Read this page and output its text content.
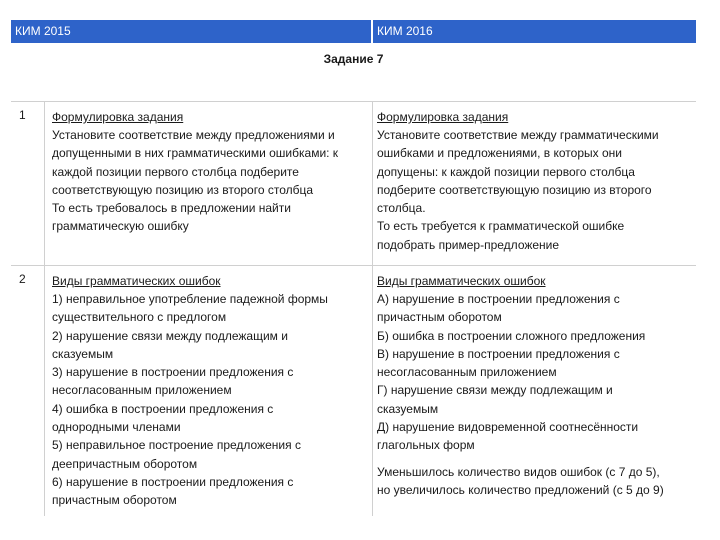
КИМ 2015	КИМ 2016
Задание 7
1 Формулировка задания

Установите соответствие между предложениями и

допущенными в них грамматическими ошибками: к

каждой позиции первого столбца подберите

соответствующую позицию из второго столбца

То есть требовалось в предложении найти

грамматическую ошибку

Формулировка задания

Установите соответствие между грамматическими

ошибками и предложениями, в которых они

допущены: к каждой позиции первого столбца

подберите соответствующую позицию из второго

столбца.

То есть требуется к грамматической ошибке

подобрать пример-предложение

2 Виды грамматических ошибок

1) неправильное употребление падежной формы

существительного с предлогом

2) нарушение связи между подлежащим и

сказуемым

3) нарушение в построении предложения с

несогласованным приложением

4) ошибка в построении предложения с

однородными членами

5) неправильное построение предложения с

деепричастным оборотом

6) нарушение в построении предложения с

причастным оборотом

Виды грамматических ошибок

А) нарушение в построении предложения с

причастным оборотом

Б) ошибка в построении сложного предложения

В) нарушение в построении предложения с

несогласованным приложением

Г) нарушение связи между подлежащим и

сказуемым

Д) нарушение видовременной соотнесённости

глагольных форм

Уменьшилось количество видов ошибок (с 7 до 5),

но увеличилось количество предложений (с 5 до 9)
